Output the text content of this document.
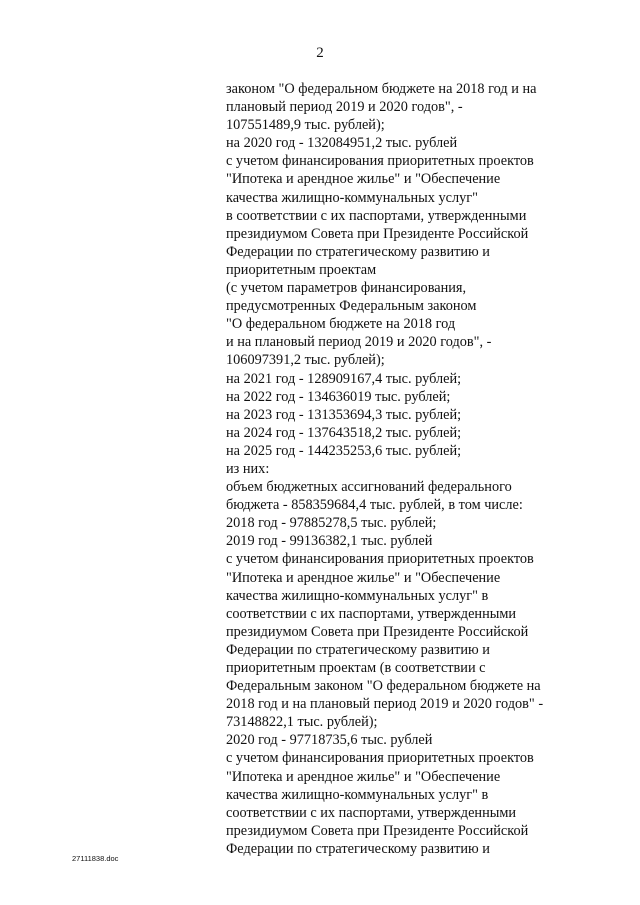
2
законом "О федеральном бюджете на 2018 год и на
плановый период 2019 и 2020 годов", -
107551489,9 тыс. рублей);
на 2020 год - 132084951,2 тыс. рублей
с учетом финансирования приоритетных проектов
"Ипотека и арендное жилье" и "Обеспечение
качества жилищно-коммунальных услуг"
в соответствии с их паспортами, утвержденными
президиумом Совета при Президенте Российской
Федерации по стратегическому развитию и
приоритетным проектам
(с учетом параметров финансирования,
предусмотренных Федеральным законом
"О федеральном бюджете на 2018 год
и на плановый период 2019 и 2020 годов", -
106097391,2 тыс. рублей);
на 2021 год - 128909167,4 тыс. рублей;
на 2022 год - 134636019 тыс. рублей;
на 2023 год - 131353694,3 тыс. рублей;
на 2024 год - 137643518,2 тыс. рублей;
на 2025 год - 144235253,6 тыс. рублей;
из них:
объем бюджетных ассигнований федерального
бюджета - 858359684,4 тыс. рублей, в том числе:
2018 год - 97885278,5 тыс. рублей;
2019 год - 99136382,1 тыс. рублей
с учетом финансирования приоритетных проектов
"Ипотека и арендное жилье" и "Обеспечение
качества жилищно-коммунальных услуг" в
соответствии с их паспортами, утвержденными
президиумом Совета при Президенте Российской
Федерации по стратегическому развитию и
приоритетным проектам (в соответствии с
Федеральным законом "О федеральном бюджете на
2018 год и на плановый период 2019 и 2020 годов" -
73148822,1 тыс. рублей);
2020 год - 97718735,6 тыс. рублей
с учетом финансирования приоритетных проектов
"Ипотека и арендное жилье" и "Обеспечение
качества жилищно-коммунальных услуг" в
соответствии с их паспортами, утвержденными
президиумом Совета при Президенте Российской
Федерации по стратегическому развитию и
27111838.doc
